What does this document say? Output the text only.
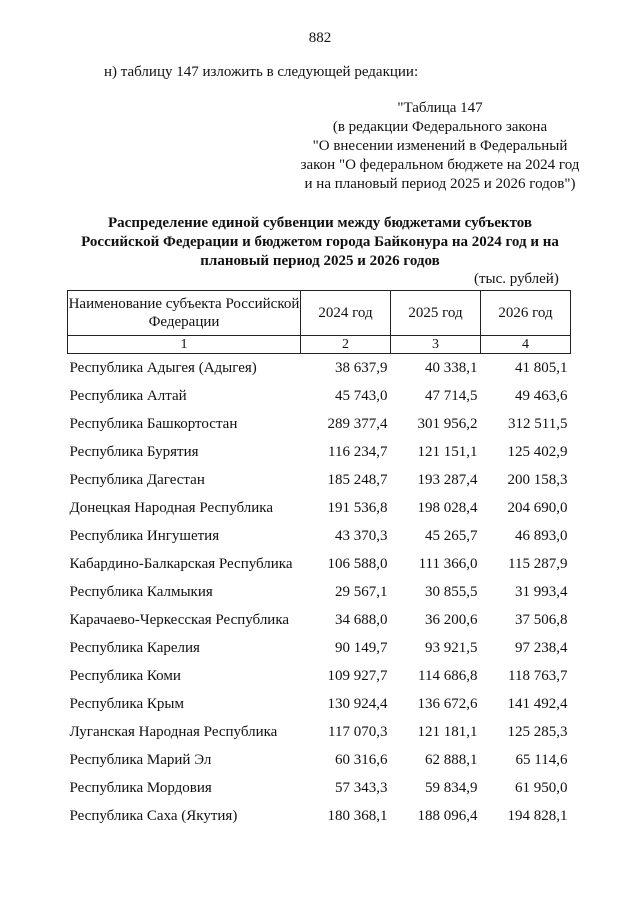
882
н) таблицу 147 изложить в следующей редакции:
"Таблица 147
(в редакции Федерального закона
"О внесении изменений в Федеральный
закон "О федеральном бюджете на 2024 год
и на плановый период 2025 и 2026 годов")
Распределение единой субвенции между бюджетами субъектов
Российской Федерации и бюджетом города Байконура на 2024 год и на
плановый период 2025 и 2026 годов
(тыс. рублей)
Наименование субъекта Российской Федерации	2024 год	2025 год	2026 год
1	2	3	4
Республика Адыгея (Адыгея)	38 637,9	40 338,1	41 805,1
Республика Алтай	45 743,0	47 714,5	49 463,6
Республика Башкортостан	289 377,4	301 956,2	312 511,5
Республика Бурятия	116 234,7	121 151,1	125 402,9
Республика Дагестан	185 248,7	193 287,4	200 158,3
Донецкая Народная Республика	191 536,8	198 028,4	204 690,0
Республика Ингушетия	43 370,3	45 265,7	46 893,0
Кабардино-Балкарская Республика	106 588,0	111 366,0	115 287,9
Республика Калмыкия	29 567,1	30 855,5	31 993,4
Карачаево-Черкесская Республика	34 688,0	36 200,6	37 506,8
Республика Карелия	90 149,7	93 921,5	97 238,4
Республика Коми	109 927,7	114 686,8	118 763,7
Республика Крым	130 924,4	136 672,6	141 492,4
Луганская Народная Республика	117 070,3	121 181,1	125 285,3
Республика Марий Эл	60 316,6	62 888,1	65 114,6
Республика Мордовия	57 343,3	59 834,9	61 950,0
Республика Саха (Якутия)	180 368,1	188 096,4	194 828,1
